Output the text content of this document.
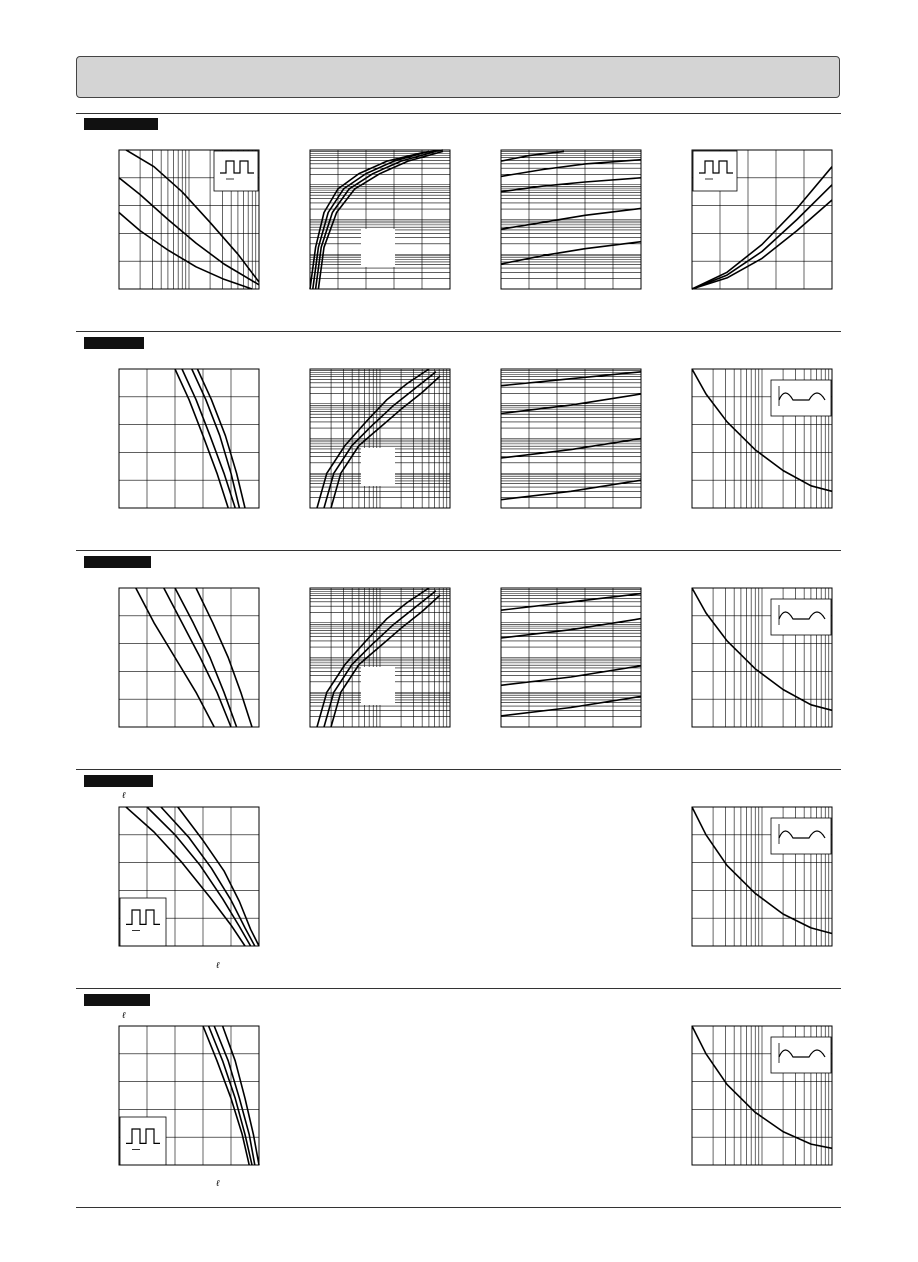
ℓ
ℓ
ℓ
ℓ
